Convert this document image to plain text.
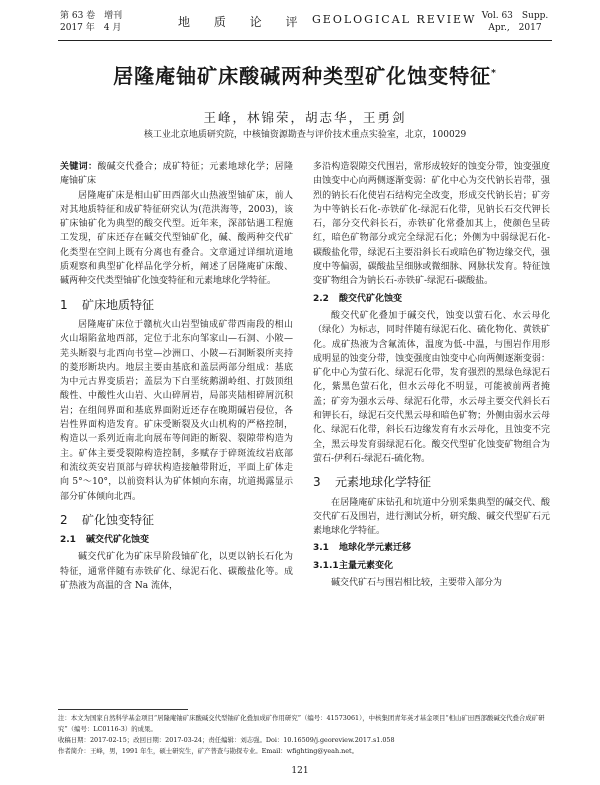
第 63 卷　增刊
2017 年　4 月	地 质 论 评 GEOLOGICAL REVIEW Vol. 63　Supp.
Apr.,　2017
居隆庵铀矿床酸碱两种类型矿化蚀变特征*
王峰，林锦荣，胡志华，王勇剑
核工业北京地质研究院，中核铀资源勘查与评价技术重点实验室，北京，100029

关键词：酸碱交代叠合；成矿特征；元素地球化学；居隆庵铀矿床

居隆庵矿床是相山矿田西部火山热液型铀矿床，前人对其地质特征和成矿特征研究认为(范洪海等，2003)，该矿床铀矿化为典型的酸交代型。近年来，深部钻遇工程施工发现，矿床还存在碱交代型铀矿化，碱、酸两种交代矿化类型在空间上既有分离也有叠合。文章通过详细坑道地质观察和典型矿化样品化学分析，阐述了居隆庵矿床酸、碱两种交代类型铀矿化蚀变特征和元素地球化学特征。

1 矿床地质特征

居隆庵矿床位于赣杭火山岩型铀成矿带西南段的相山火山塌陷盆地西部，定位于北东向邹家山—石洞、小陂—芜头断裂与北西向书堂—沙洲口、小陂—石洞断裂所夹持的菱形断块内。地层主要由基底和盖层两部分组成：基底为中元古界变质岩；盖层为下白垩统鹅湖岭组、打鼓顶组酸性、中酸性火山岩、火山碎屑岩，局部夹陆相碎屑沉积岩；在组间界面和基底界面附近还存在晚期碱岩侵位，各岩性界面构造发育。矿床受断裂及火山机构的严格控制，构造以一系列近南北向展布等间距的断裂、裂隙带构造为主。矿体主要受裂隙构造控制，多赋存于碎斑流纹岩底部和流纹英安岩顶部与碎状构造接触带附近，平面上矿体走向 5°～10°，以前资料认为矿体倾向东南，坑道揭露显示部分矿体倾向北西。

2 矿化蚀变特征
2.1 碱交代矿化蚀变

碱交代矿化为矿床早阶段铀矿化，以更以钠长石化为特征，通常伴随有赤铁矿化、绿泥石化、碳酸盐化等。成矿热液为高温的含 Na 流体，

多沿构造裂隙交代围岩，常形成较好的蚀变分带，蚀变强度由蚀变中心向两侧逐渐变弱：矿化中心为交代钠长岩带，强烈的钠长石化使岩石结构完全改变，形成交代钠长岩；矿旁为中等钠长石化-赤铁矿化-绿泥石化带，见钠长石交代钾长石，部分交代斜长石，赤铁矿化常叠加其上，使颜色呈砖红，暗色矿物部分或完全绿泥石化；外侧为中弱绿泥石化-碳酸盐化带，绿泥石主要沿斜长石或暗色矿物边缘交代，强度中等偏弱，碳酸盐呈细脉或微细脉、网脉状发育。特征蚀变矿物组合为钠长石-赤铁矿-绿泥石-碳酸盐。

2.2 酸交代矿化蚀变

酸交代矿化叠加于碱交代，蚀变以萤石化、水云母化（绿化）为标志，同时伴随有绿泥石化、硫化物化、黄铁矿化。成矿热液为含氟流体，温度为低-中温，与围岩作用形成明显的蚀变分带，蚀变强度由蚀变中心向两侧逐渐变弱：矿化中心为萤石化、绿泥石化带，发育强烈的黑绿色绿泥石化，紫黑色萤石化，但水云母化不明显，可能被前两者掩盖；矿旁为强水云母、绿泥石化带，水云母主要交代斜长石和钾长石，绿泥石交代黑云母和暗色矿物；外侧由弱水云母化、绿泥石化带，斜长石边缘发育有水云母化，且蚀变不完全，黑云母发育弱绿泥石化。酸交代型矿化蚀变矿物组合为萤石-伊利石-绿泥石-硫化物。

3 元素地球化学特征

在居隆庵矿床钻孔和坑道中分别采集典型的碱交代、酸交代矿石及围岩，进行测试分析，研究酸、碱交代型矿石元素地球化学特征。

3.1 地球化学元素迁移
3.1.1主量元素变化

碱交代矿石与围岩相比较，主要带入部分为

注：本文为国家自然科学基金项目“居隆庵铀矿床酸碱交代型铀矿化叠加成矿作用研究”（编号：41573061），中核集团青年英才基金项目“相山矿田西部酸碱交代叠合成矿研究”（编号：LC0116-3）的成果。

收稿日期：2017-02-15；改回日期：2017-03-24；责任编辑：刘志强。Doi：10.16509/j.georeview.2017.s1.058

作者简介：王峰，男，1991 年生，硕士研究生，矿产普查与勘探专业。Email：wfighting@yeah.net。

121
